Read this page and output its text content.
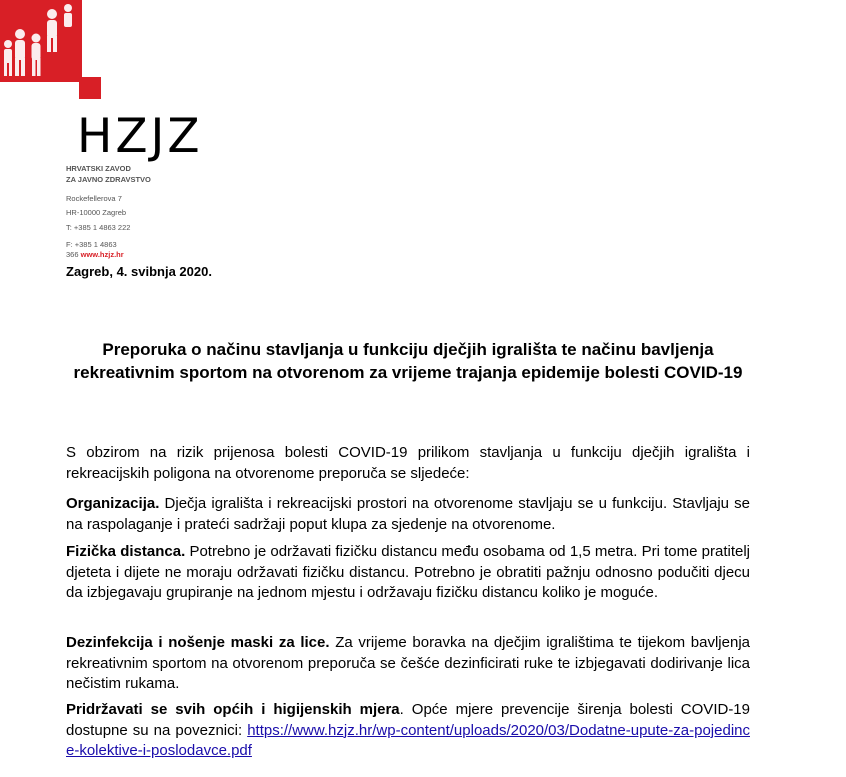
HZJZ
HRVATSKI ZAVOD
ZA JAVNO ZDRAVSTVO
Rockefellerova 7
HR-10000 Zagreb
T: +385 1 4863 222
F: +385 1 4863
366 www.hzjz.hr
Zagreb, 4. svibnja 2020.
Preporuka o načinu stavljanja u funkciju dječjih igrališta te načinu bavljenja rekreativnim sportom na otvorenom za vrijeme trajanja epidemije bolesti COVID-19

S obzirom na rizik prijenosa bolesti COVID-19 prilikom stavljanja u funkciju dječjih igrališta i rekreacijskih poligona na otvorenome preporuča se sljedeće:

Organizacija. Dječja igrališta i rekreacijski prostori na otvorenome stavljaju se u funkciju. Stavljaju se na raspolaganje i prateći sadržaji poput klupa za sjedenje na otvorenome.

Fizička distanca. Potrebno je održavati fizičku distancu među osobama od 1,5 metra. Pri tome pratitelj djeteta i dijete ne moraju održavati fizičku distancu. Potrebno je obratiti pažnju odnosno podučiti djecu da izbjegavaju grupiranje na jednom mjestu i održavaju fizičku distancu koliko je moguće.

Dezinfekcija i nošenje maski za lice. Za vrijeme boravka na dječjim igralištima te tijekom bavljenja rekreativnim sportom na otvorenom preporuča se češće dezinficirati ruke te izbjegavati dodirivanje lica nečistim rukama.

Pridržavati se svih općih i higijenskih mjera. Opće mjere prevencije širenja bolesti COVID-19 dostupne su na poveznici: https://www.hzjz.hr/wp-content/uploads/2020/03/Dodatne-upute-za-pojedince-kolektive-i-poslodavce.pdf
